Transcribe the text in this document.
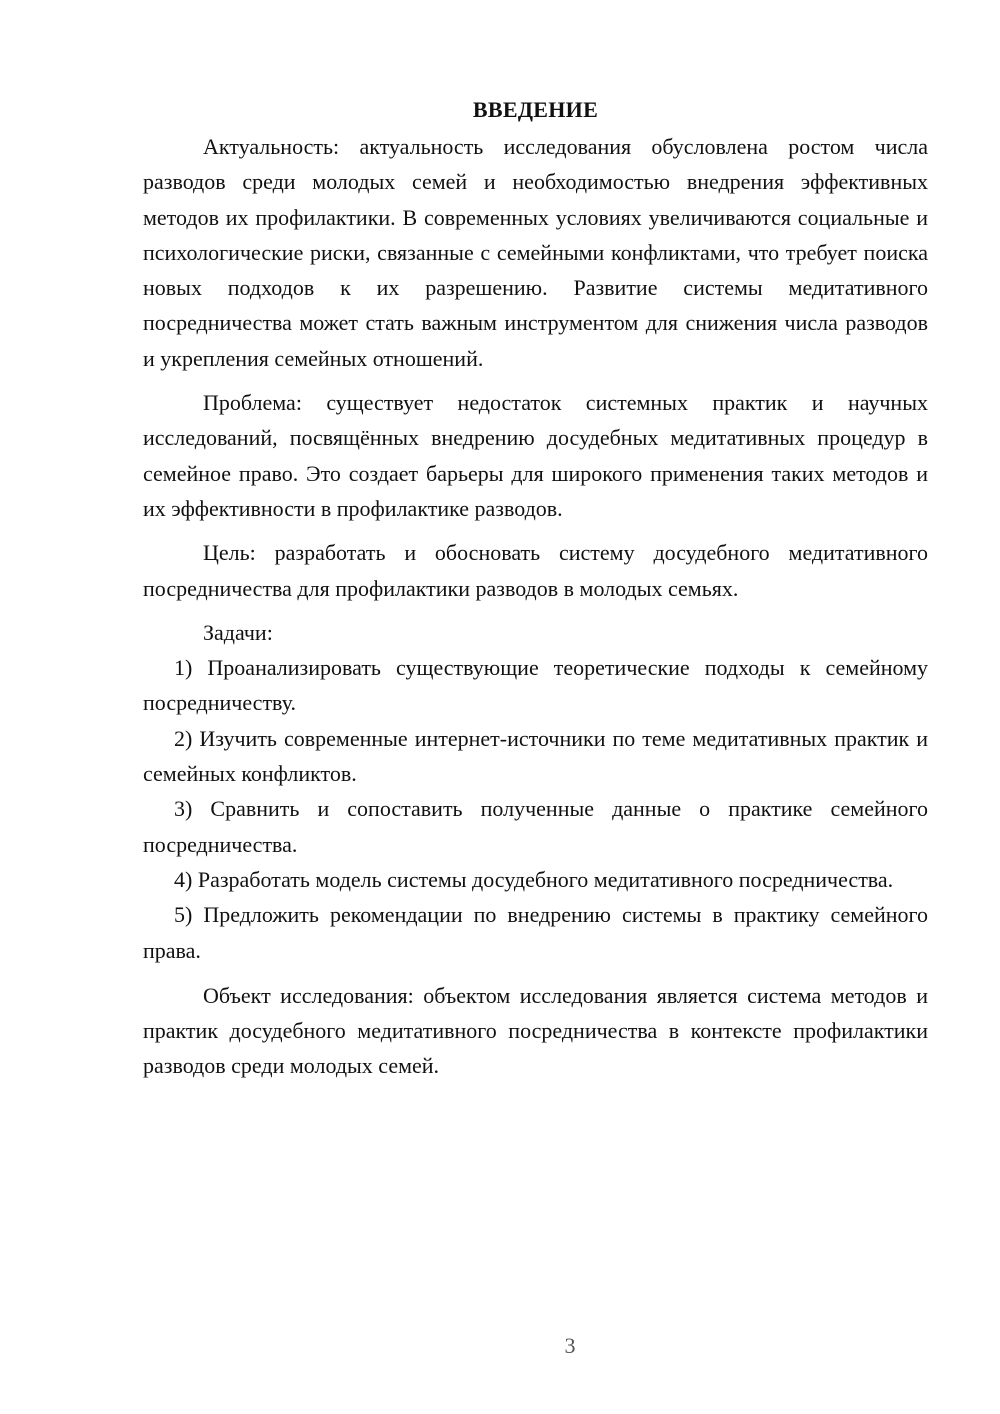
ВВЕДЕНИЕ

Актуальность: актуальность исследования обусловлена ростом числа разводов среди молодых семей и необходимостью внедрения эффективных методов их профилактики. В современных условиях увеличиваются социальные и психологические риски, связанные с семейными конфликтами, что требует поиска новых подходов к их разрешению. Развитие системы медитативного посредничества может стать важным инструментом для снижения числа разводов и укрепления семейных отношений.

Проблема: существует недостаток системных практик и научных исследований, посвящённых внедрению досудебных медитативных процедур в семейное право. Это создает барьеры для широкого применения таких методов и их эффективности в профилактике разводов.

Цель: разработать и обосновать систему досудебного медитативного посредничества для профилактики разводов в молодых семьях.

Задачи:

1) Проанализировать существующие теоретические подходы к семейному посредничеству.

2) Изучить современные интернет-источники по теме медитативных практик и семейных конфликтов.

3) Сравнить и сопоставить полученные данные о практике семейного посредничества.

4) Разработать модель системы досудебного медитативного посредничества.

5) Предложить рекомендации по внедрению системы в практику семейного права.

Объект исследования: объектом исследования является система методов и практик досудебного медитативного посредничества в контексте профилактики разводов среди молодых семей.

3
